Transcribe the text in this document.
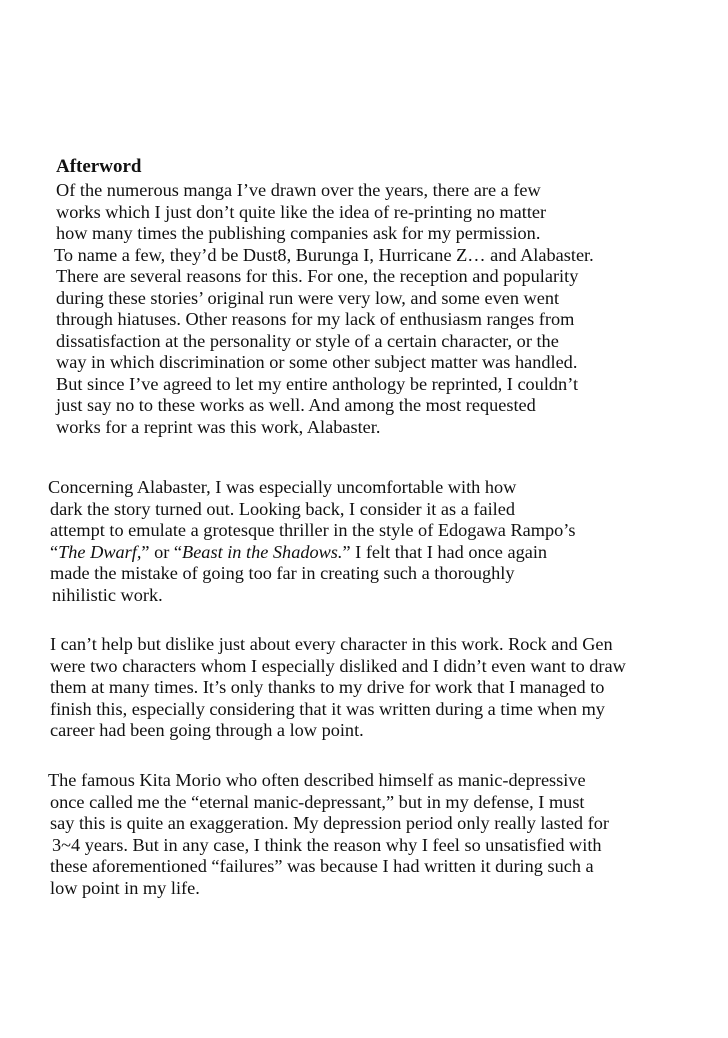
Afterword

Of the numerous manga I’ve drawn over the years, there are a few
works which I just don’t quite like the idea of re-printing no matter
how many times the publishing companies ask for my permission.
To name a few, they’d be Dust8, Burunga I, Hurricane Z… and Alabaster.
There are several reasons for this. For one, the reception and popularity
during these stories’ original run were very low, and some even went
through hiatuses. Other reasons for my lack of enthusiasm ranges from
dissatisfaction at the personality or style of a certain character, or the
way in which discrimination or some other subject matter was handled.
But since I’ve agreed to let my entire anthology be reprinted, I couldn’t
just say no to these works as well. And among the most requested
works for a reprint was this work, Alabaster.

Concerning Alabaster, I was especially uncomfortable with how
dark the story turned out. Looking back, I consider it as a failed
attempt to emulate a grotesque thriller in the style of Edogawa Rampo’s
“The Dwarf,” or “Beast in the Shadows.” I felt that I had once again
made the mistake of going too far in creating such a thoroughly
nihilistic work.

I can’t help but dislike just about every character in this work. Rock and Gen
were two characters whom I especially disliked and I didn’t even want to draw
them at many times. It’s only thanks to my drive for work that I managed to
finish this, especially considering that it was written during a time when my
career had been going through a low point.

The famous Kita Morio who often described himself as manic-depressive
once called me the “eternal manic-depressant,” but in my defense, I must
say this is quite an exaggeration. My depression period only really lasted for
3~4 years. But in any case, I think the reason why I feel so unsatisfied with
these aforementioned “failures” was because I had written it during such a
low point in my life.
